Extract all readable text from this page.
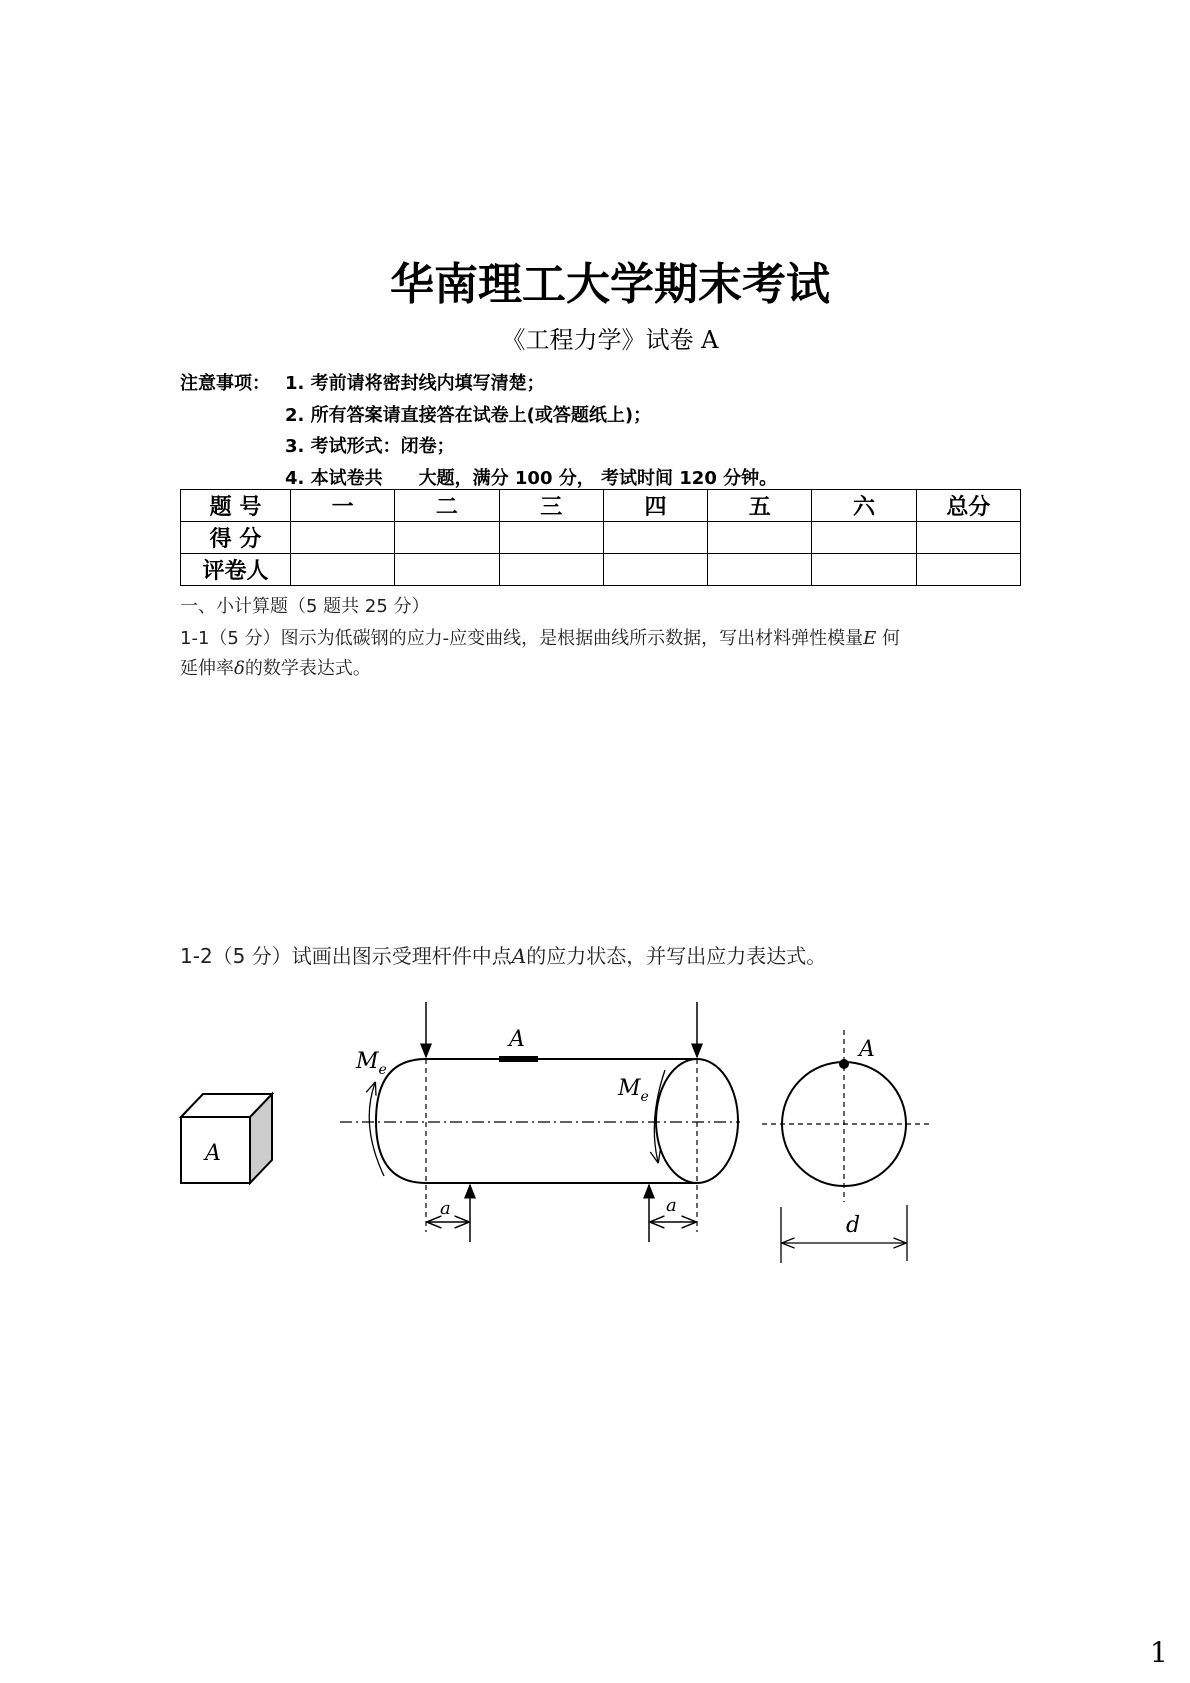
华南理工大学期末考试
《工程力学》试卷 A
注意事项： 1. 考前请将密封线内填写清楚；
2. 所有答案请直接答在试卷上(或答题纸上)；
3. 考试形式：闭卷；
4. 本试卷共　　大题，满分 100 分， 考试时间 120 分钟。
题 号	一	二	三	四	五	六	总分
得 分							
评卷人							
一、小计算题（5 题共 25 分）
1-1（5 分）图示为低碳钢的应力-应变曲线，是根据曲线所示数据，写出材料弹性模量E 何
延伸率δ的数学表达式。
1-2（5 分）试画出图示受理杆件中点A的应力状态，并写出应力表达式。
A
A
$M_e$
$M_e$
a	a
A
d
1
